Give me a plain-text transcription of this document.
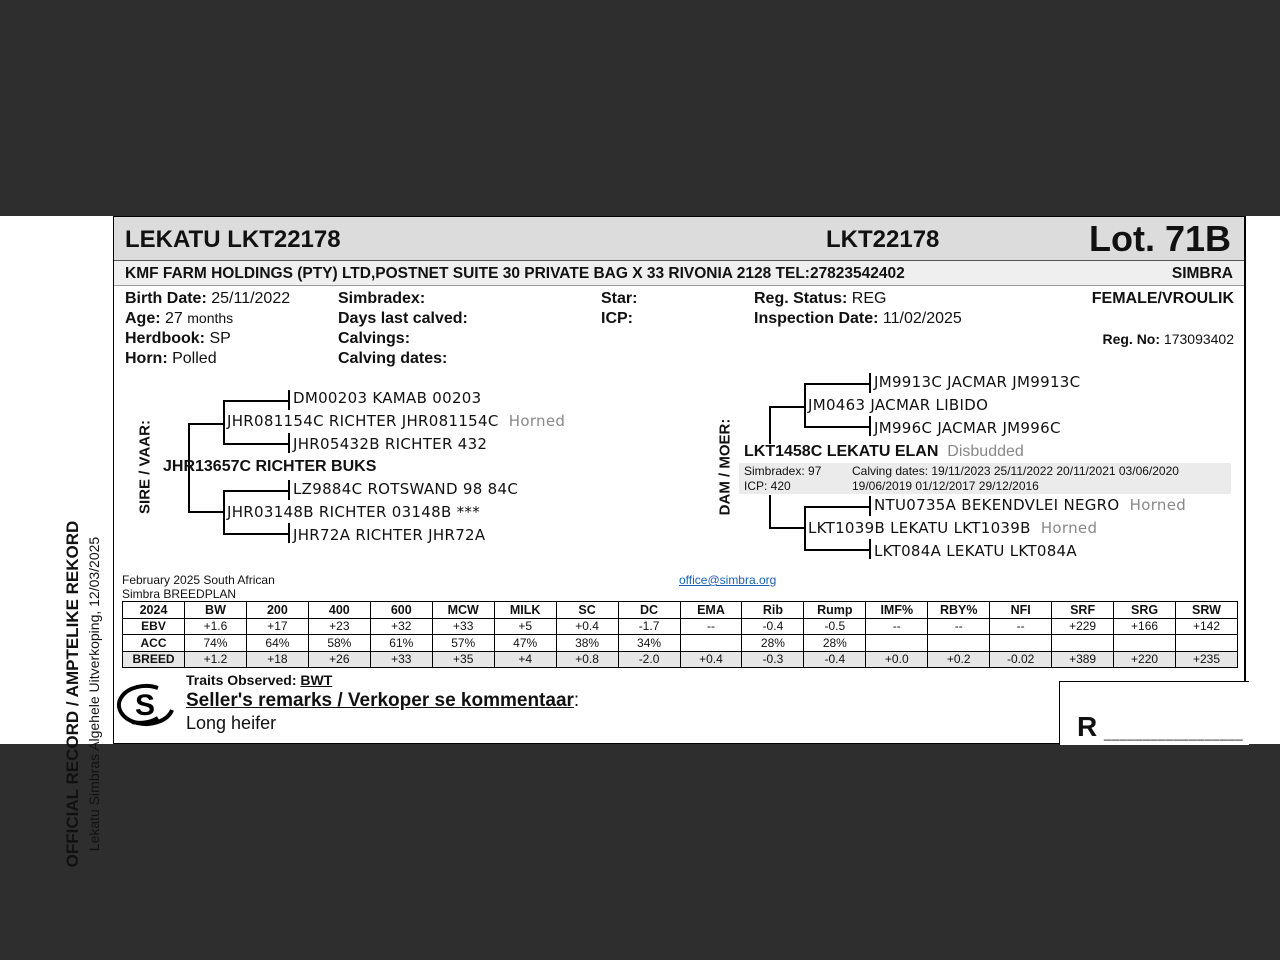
OFFICIAL RECORD / AMPTELIKE REKORD Lekatu Simbras Algehele Uitverkoping, 12/03/2025
LEKATU LKT22178	LKT22178	Lot. 71B
KMF FARM HOLDINGS (PTY) LTD,POSTNET SUITE 30 PRIVATE BAG X 33 RIVONIA 2128 TEL:27823542402	SIMBRA
Birth Date: 25/11/2022
Age: 27 months
Herdbook: SP
Horn: Polled
Simbradex:
Days last calved:
Calvings:
Calving dates:
Star:
ICP:
Reg. Status: REG
Inspection Date: 11/02/2025
FEMALE/VROULIK
Reg. No: 173093402
SIRE / VAAR:
DM00203 KAMAB 00203
JHR081154C RICHTER JHR081154C Horned
JHR05432B RICHTER 432
JHR13657C RICHTER BUKS
LZ9884C ROTSWAND 98 84C
JHR03148B RICHTER 03148B ***
JHR72A RICHTER JHR72A
DAM / MOER:
JM9913C JACMAR JM9913C
JM0463 JACMAR LIBIDO
JM996C JACMAR JM996C
LKT1458C LEKATU ELAN Disbudded
Simbradex: 97
ICP: 420
Calving dates: 19/11/2023 25/11/2022 20/11/2021 03/06/2020
19/06/2019 01/12/2017 29/12/2016
NTU0735A BEKENDVLEI NEGRO Horned
LKT1039B LEKATU LKT1039B Horned
LKT084A LEKATU LKT084A
February 2025 South African
Simbra BREEDPLAN
office@simbra.org
2024	BW	200	400	600	MCW	MILK	SC	DC	EMA	Rib	Rump	IMF%	RBY%	NFI	SRF	SRG	SRW
EBV	+1.6	+17	+23	+32	+33	+5	+0.4	-1.7	--	-0.4	-0.5	--	--	--	+229	+166	+142
ACC	74%	64%	58%	61%	57%	47%	38%	34%		28%	28%						
BREED	+1.2	+18	+26	+33	+35	+4	+0.8	-2.0	+0.4	-0.3	-0.4	+0.0	+0.2	-0.02	+389	+220	+235
S
Traits Observed: BWT
Seller's remarks / Verkoper se kommentaar:
Long heifer	R __________________
